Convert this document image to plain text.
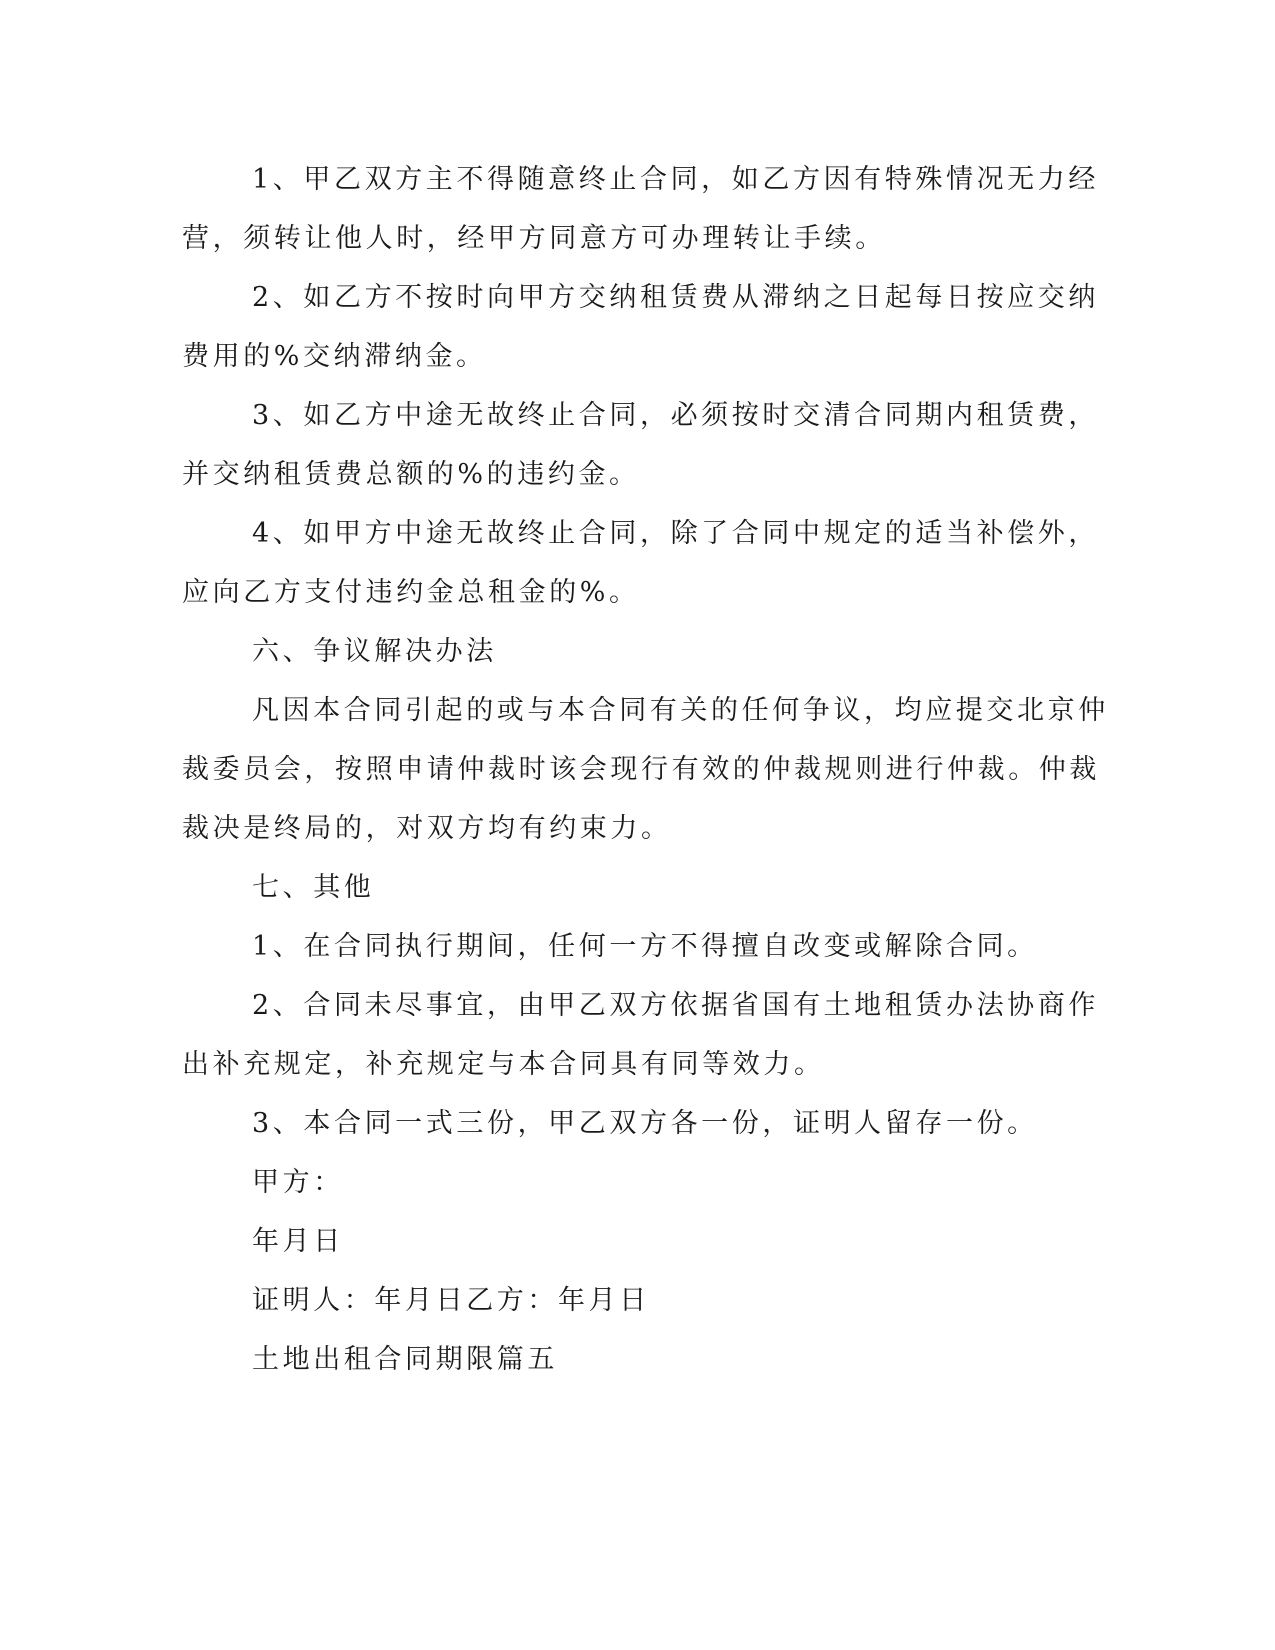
1、甲乙双方主不得随意终止合同，如乙方因有特殊情况无力经
营，须转让他人时，经甲方同意方可办理转让手续。
2、如乙方不按时向甲方交纳租赁费从滞纳之日起每日按应交纳
费用的%交纳滞纳金。
3、如乙方中途无故终止合同，必须按时交清合同期内租赁费，
并交纳租赁费总额的%的违约金。
4、如甲方中途无故终止合同，除了合同中规定的适当补偿外，
应向乙方支付违约金总租金的%。
六、争议解决办法
凡因本合同引起的或与本合同有关的任何争议，均应提交北京仲
裁委员会，按照申请仲裁时该会现行有效的仲裁规则进行仲裁。仲裁
裁决是终局的，对双方均有约束力。
七、其他
1、在合同执行期间，任何一方不得擅自改变或解除合同。
2、合同未尽事宜，由甲乙双方依据省国有土地租赁办法协商作
出补充规定，补充规定与本合同具有同等效力。
3、本合同一式三份，甲乙双方各一份，证明人留存一份。
甲方：
年月日
证明人：年月日乙方：年月日
土地出租合同期限篇五
